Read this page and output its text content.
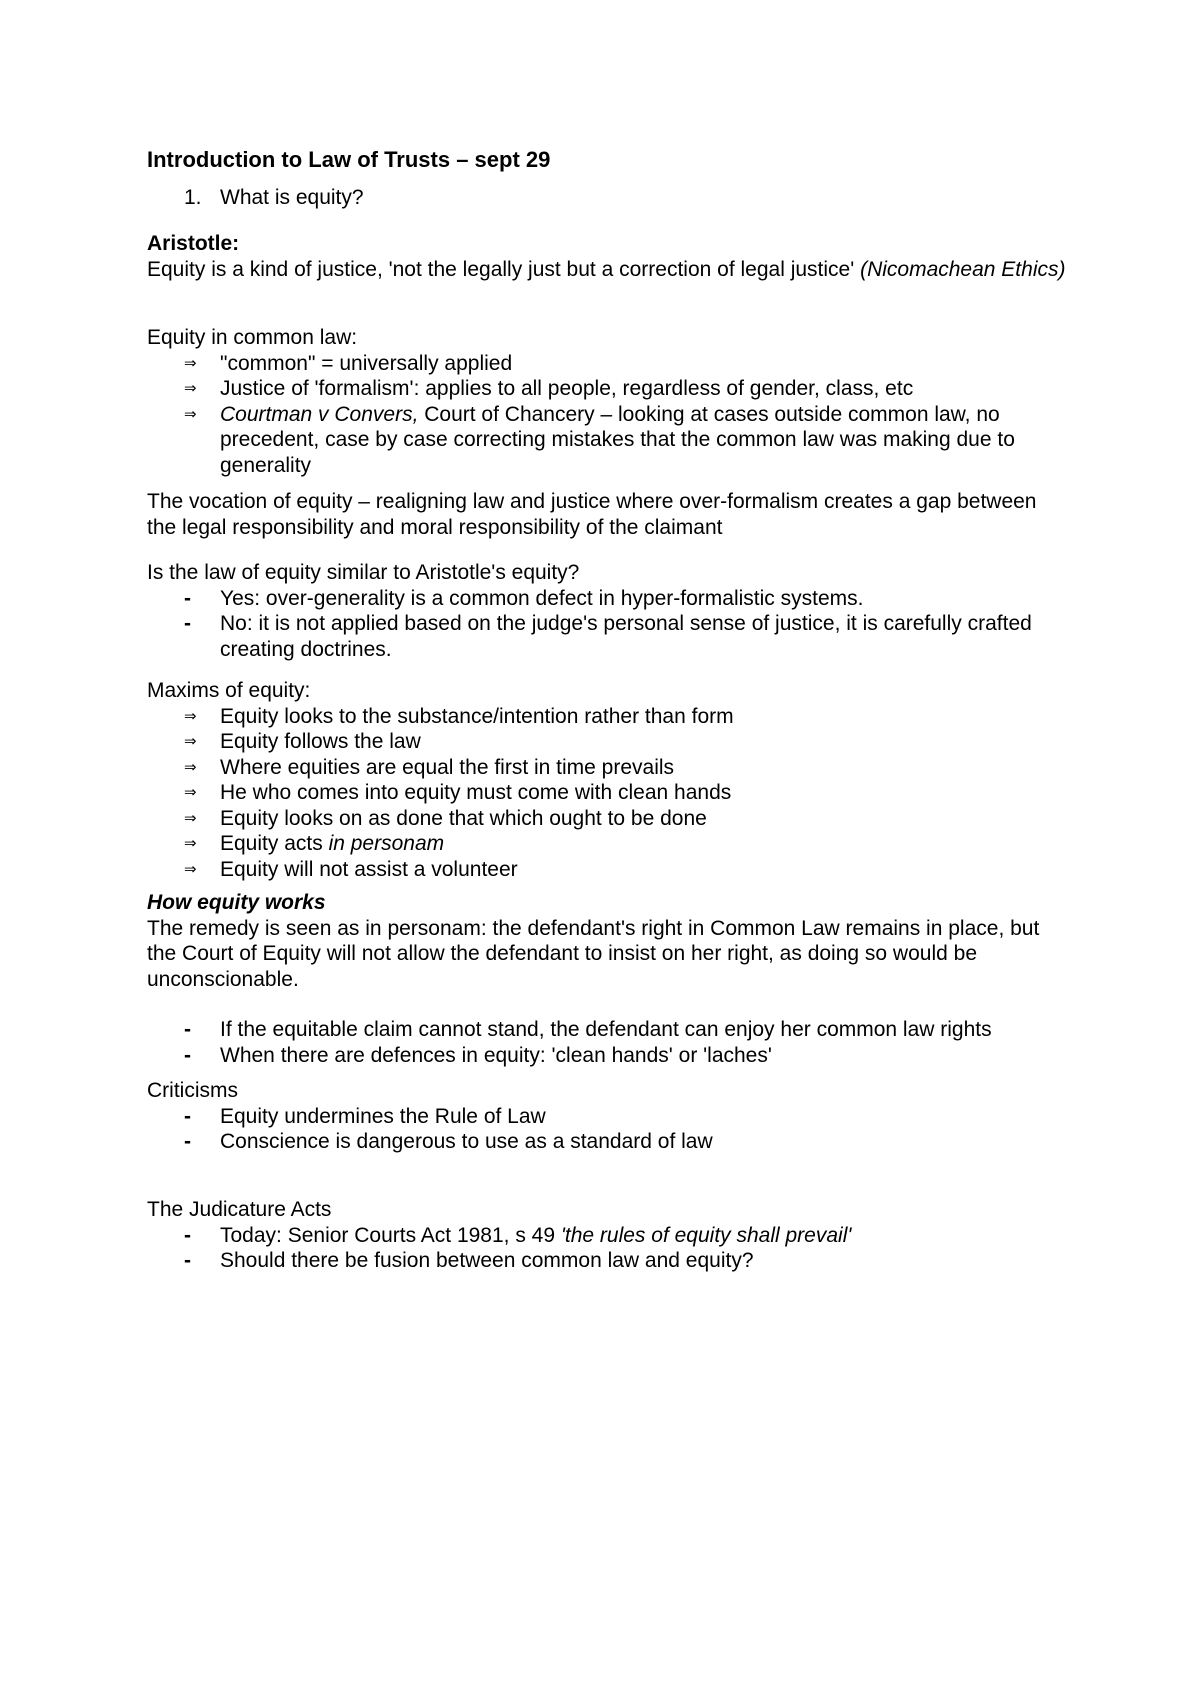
Introduction to Law of Trusts – sept 29
1. What is equity?

Aristotle:

Equity is a kind of justice, 'not the legally just but a correction of legal justice' (Nicomachean Ethics)

Equity in common law:

⇒ "common" = universally applied
⇒ Justice of 'formalism': applies to all people, regardless of gender, class, etc
⇒ Courtman v Convers, Court of Chancery – looking at cases outside common law, no precedent, case by case correcting mistakes that the common law was making due to generality

The vocation of equity – realigning law and justice where over-formalism creates a gap between the legal responsibility and moral responsibility of the claimant

Is the law of equity similar to Aristotle's equity?

- Yes: over-generality is a common defect in hyper-formalistic systems.
- No: it is not applied based on the judge's personal sense of justice, it is carefully crafted creating doctrines.

Maxims of equity:

⇒ Equity looks to the substance/intention rather than form
⇒ Equity follows the law
⇒ Where equities are equal the first in time prevails
⇒ He who comes into equity must come with clean hands
⇒ Equity looks on as done that which ought to be done
⇒ Equity acts in personam
⇒ Equity will not assist a volunteer

How equity works

The remedy is seen as in personam: the defendant's right in Common Law remains in place, but the Court of Equity will not allow the defendant to insist on her right, as doing so would be unconscionable.

- If the equitable claim cannot stand, the defendant can enjoy her common law rights
- When there are defences in equity: 'clean hands' or 'laches'

Criticisms

- Equity undermines the Rule of Law
- Conscience is dangerous to use as a standard of law

The Judicature Acts

- Today: Senior Courts Act 1981, s 49 'the rules of equity shall prevail'
- Should there be fusion between common law and equity?
